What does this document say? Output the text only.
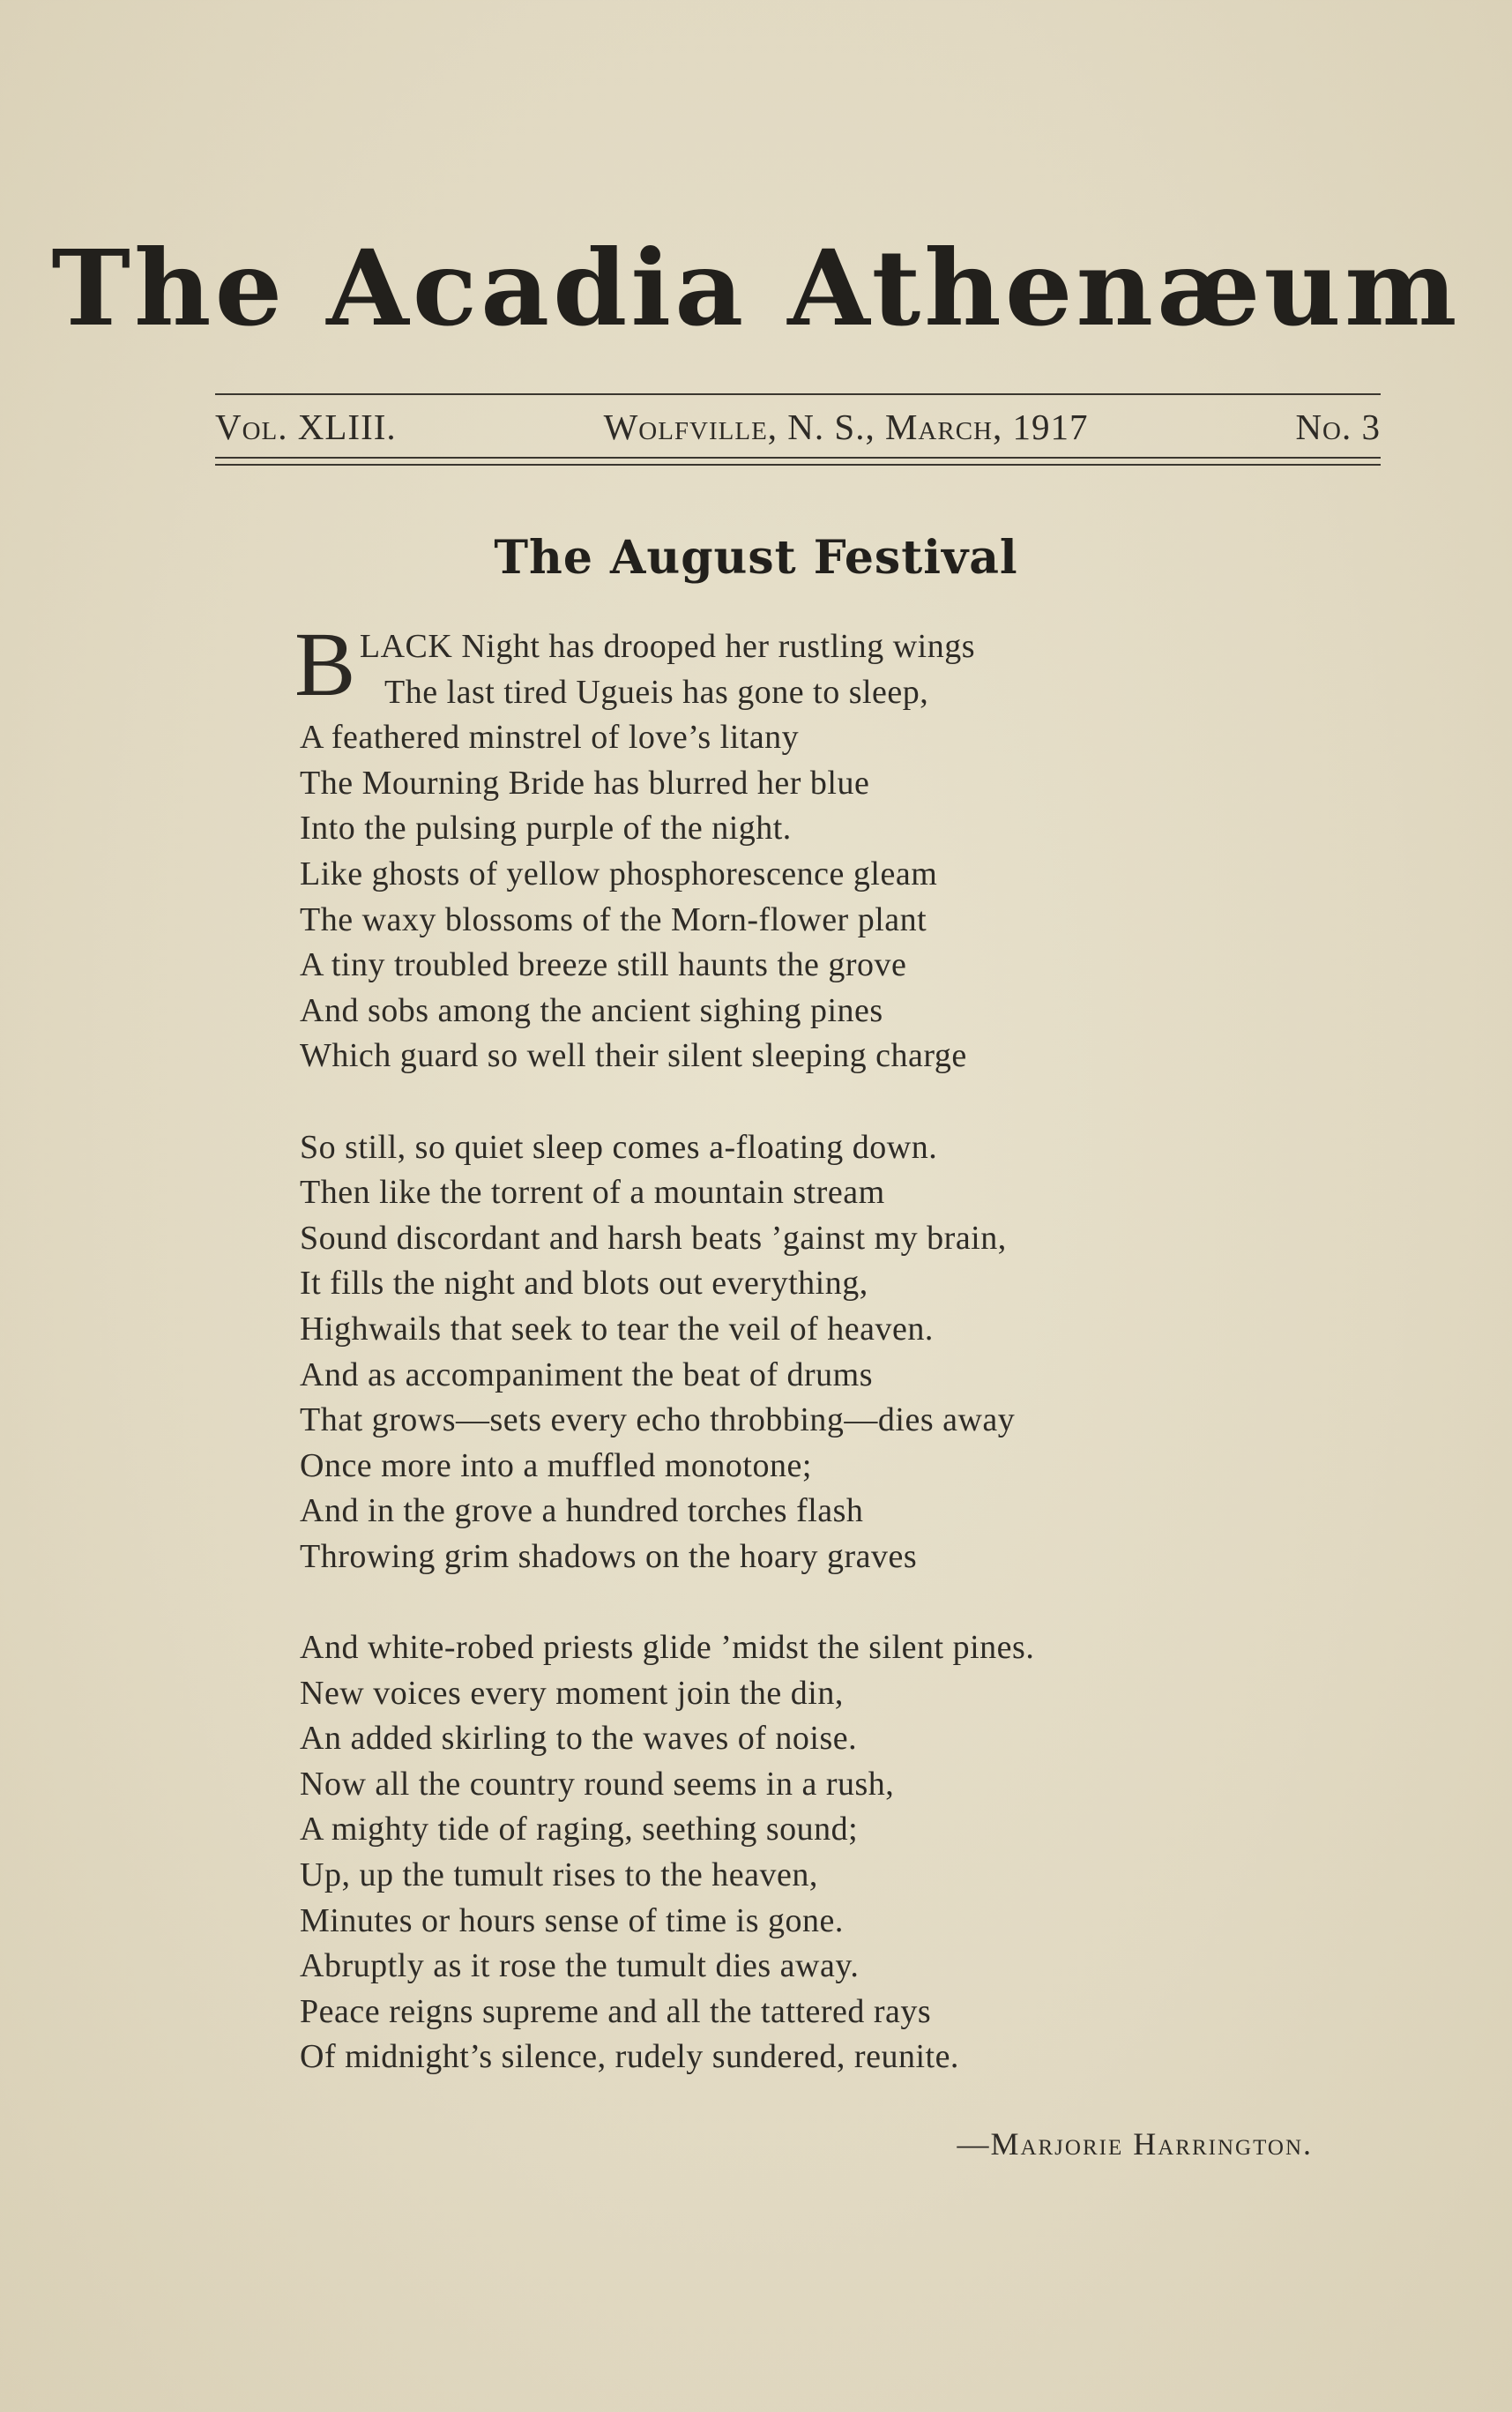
The Acadia Athenæum
Vol. XLIII.	Wolfville, N. S., March, 1917	No. 3
The August Festival
BLACK Night has drooped her rustling wings
The last tired Ugueis has gone to sleep,
A feathered minstrel of love’s litany
The Mourning Bride has blurred her blue
Into the pulsing purple of the night.
Like ghosts of yellow phosphorescence gleam
The waxy blossoms of the Morn-flower plant
A tiny troubled breeze still haunts the grove
And sobs among the ancient sighing pines
Which guard so well their silent sleeping charge
So still, so quiet sleep comes a-floating down.
Then like the torrent of a mountain stream
Sound discordant and harsh beats ’gainst my brain,
It fills the night and blots out everything,
Highwails that seek to tear the veil of heaven.
And as accompaniment the beat of drums
That grows—sets every echo throbbing—dies away
Once more into a muffled monotone;
And in the grove a hundred torches flash
Throwing grim shadows on the hoary graves
And white-robed priests glide ’midst the silent pines.
New voices every moment join the din,
An added skirling to the waves of noise.
Now all the country round seems in a rush,
A mighty tide of raging, seething sound;
Up, up the tumult rises to the heaven,
Minutes or hours sense of time is gone.
Abruptly as it rose the tumult dies away.
Peace reigns supreme and all the tattered rays
Of midnight’s silence, rudely sundered, reunite.
—Marjorie Harrington.
